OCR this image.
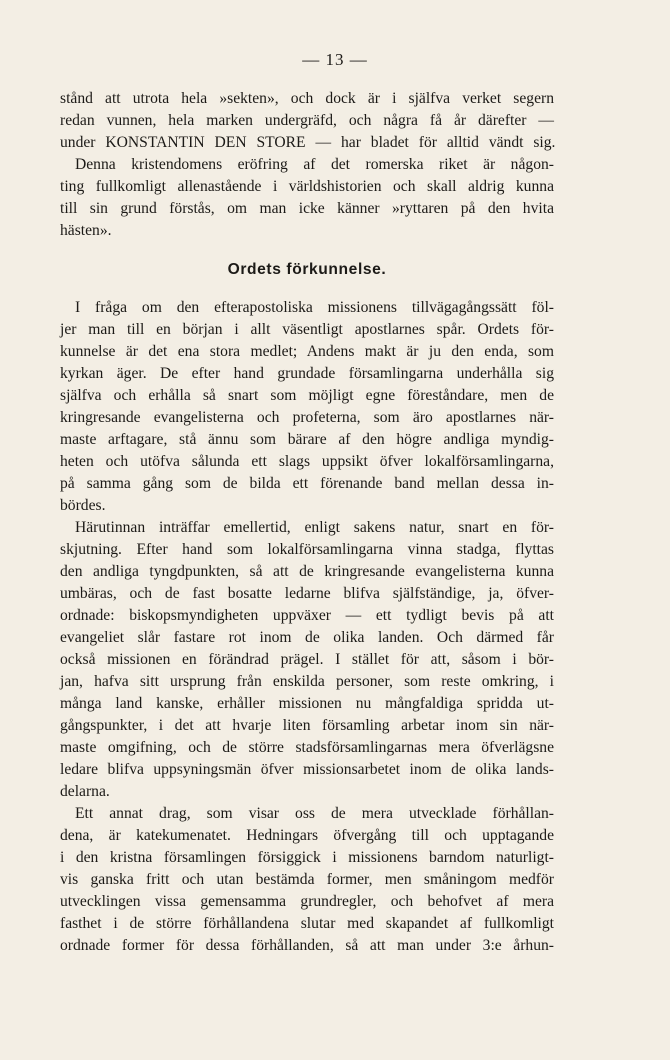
— 13 —
stånd att utrota hela »sekten», och dock är i själfva verket segern
redan vunnen, hela marken undergräfd, och några få år därefter —
under KONSTANTIN DEN STORE — har bladet för alltid vändt sig.
Denna kristendomens eröfring af det romerska riket är någon-
ting fullkomligt allenastående i världshistorien och skall aldrig kunna
till sin grund förstås, om man icke känner »ryttaren på den hvita
hästen».
Ordets förkunnelse.
I fråga om den efterapostoliska missionens tillvägagångssätt föl-
jer man till en början i allt väsentligt apostlarnes spår. Ordets för-
kunnelse är det ena stora medlet; Andens makt är ju den enda, som
kyrkan äger. De efter hand grundade församlingarna underhålla sig
själfva och erhålla så snart som möjligt egne föreståndare, men de
kringresande evangelisterna och profeterna, som äro apostlarnes när-
maste arftagare, stå ännu som bärare af den högre andliga myndig-
heten och utöfva sålunda ett slags uppsikt öfver lokalförsamlingarna,
på samma gång som de bilda ett förenande band mellan dessa in-
bördes.
Härutinnan inträffar emellertid, enligt sakens natur, snart en för-
skjutning. Efter hand som lokalförsamlingarna vinna stadga, flyttas
den andliga tyngdpunkten, så att de kringresande evangelisterna kunna
umbäras, och de fast bosatte ledarne blifva själfständige, ja, öfver-
ordnade: biskopsmyndigheten uppväxer — ett tydligt bevis på att
evangeliet slår fastare rot inom de olika landen. Och därmed får
också missionen en förändrad prägel. I stället för att, såsom i bör-
jan, hafva sitt ursprung från enskilda personer, som reste omkring, i
många land kanske, erhåller missionen nu mångfaldiga spridda ut-
gångspunkter, i det att hvarje liten församling arbetar inom sin när-
maste omgifning, och de större stadsförsamlingarnas mera öfverlägsne
ledare blifva uppsyningsmän öfver missionsarbetet inom de olika lands-
delarna.
Ett annat drag, som visar oss de mera utvecklade förhållan-
dena, är katekumenatet. Hedningars öfvergång till och upptagande
i den kristna församlingen försiggick i missionens barndom naturligt-
vis ganska fritt och utan bestämda former, men småningom medför
utvecklingen vissa gemensamma grundregler, och behofvet af mera
fasthet i de större förhållandena slutar med skapandet af fullkomligt
ordnade former för dessa förhållanden, så att man under 3:e århun-
